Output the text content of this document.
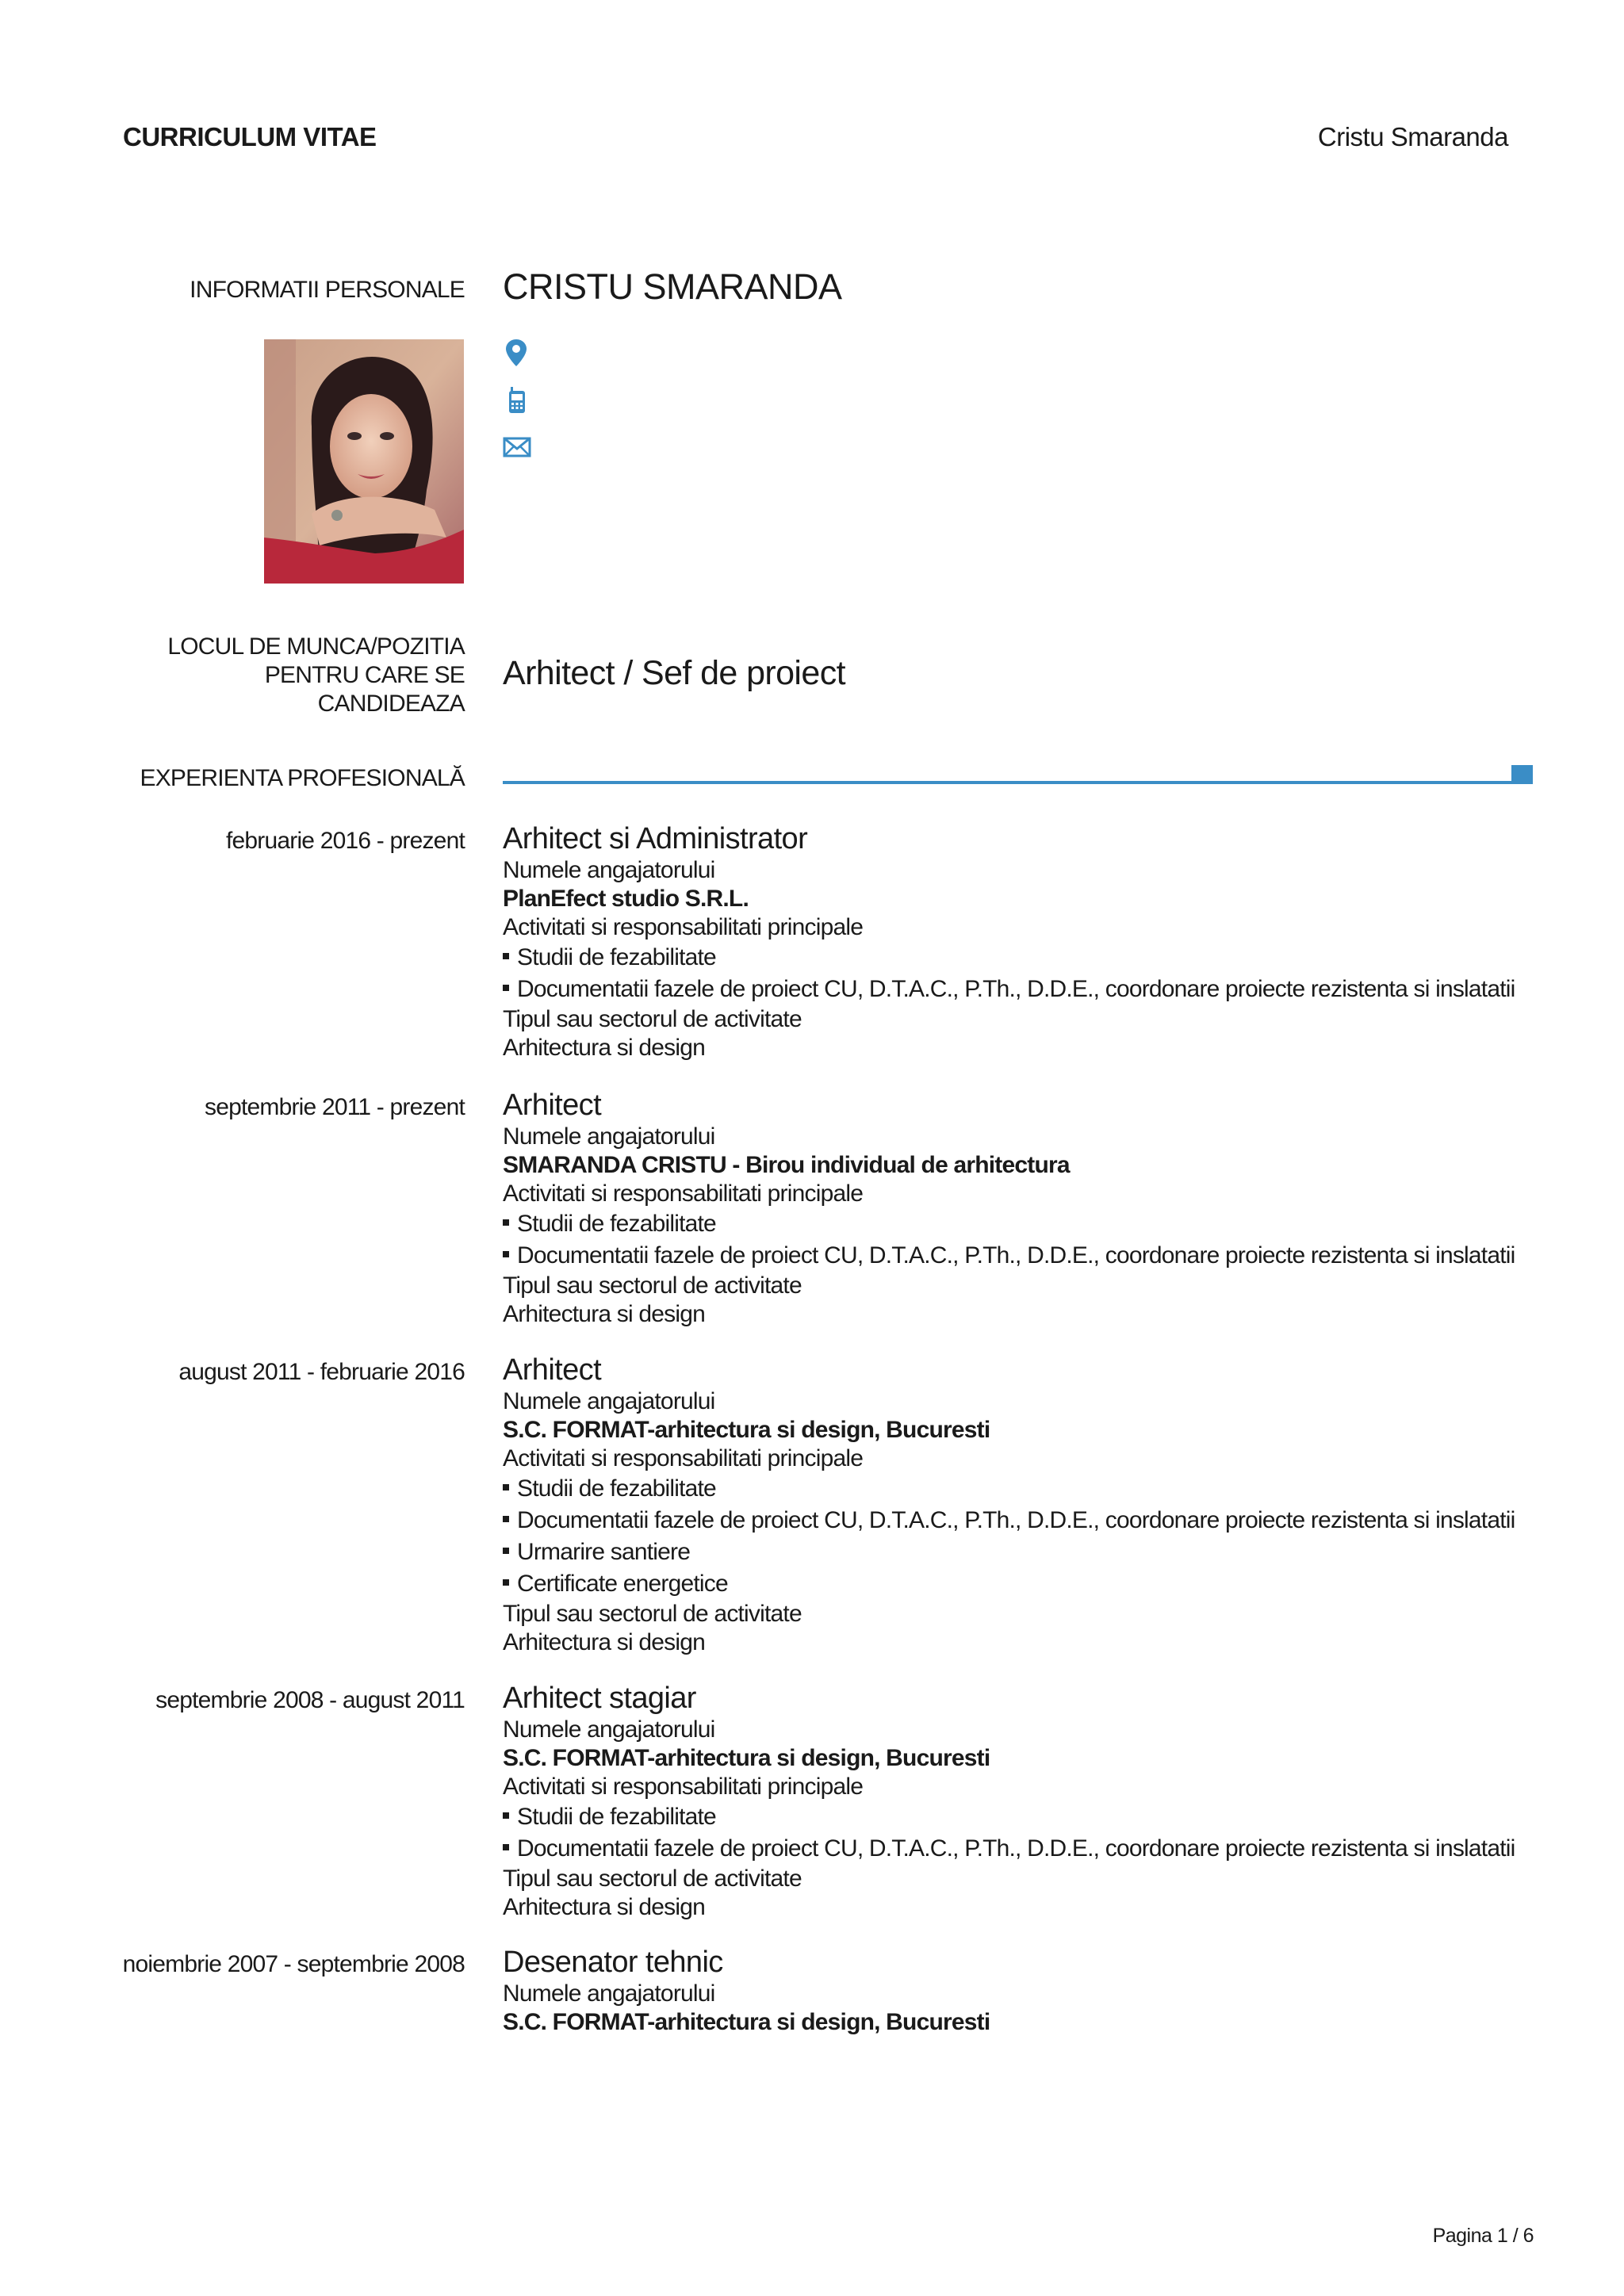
CURRICULUM VITAE	Cristu Smaranda
INFORMATII PERSONALE CRISTU SMARANDA
LOCUL DE MUNCA/POZITIA
PENTRU CARE SE
CANDIDEAZA
Arhitect / Sef de proiect
EXPERIENTA PROFESIONALĂ
februarie 2016 - prezent Arhitect si Administrator
Numele angajatorului
PlanEfect studio S.R.L.
Activitati si responsabilitati principale
Studii de fezabilitate
Documentatii fazele de proiect CU, D.T.A.C., P.Th., D.D.E., coordonare proiecte rezistenta si inslatatii
Tipul sau sectorul de activitate
Arhitectura si design
septembrie 2011 - prezent Arhitect
Numele angajatorului
SMARANDA CRISTU - Birou individual de arhitectura
Activitati si responsabilitati principale
Studii de fezabilitate
Documentatii fazele de proiect CU, D.T.A.C., P.Th., D.D.E., coordonare proiecte rezistenta si inslatatii
Tipul sau sectorul de activitate
Arhitectura si design
august 2011 - februarie 2016 Arhitect
Numele angajatorului
S.C. FORMAT-arhitectura si design, Bucuresti
Activitati si responsabilitati principale
Studii de fezabilitate
Documentatii fazele de proiect CU, D.T.A.C., P.Th., D.D.E., coordonare proiecte rezistenta si inslatatii
Urmarire santiere
Certificate energetice
Tipul sau sectorul de activitate
Arhitectura si design
septembrie 2008 - august 2011 Arhitect stagiar
Numele angajatorului
S.C. FORMAT-arhitectura si design, Bucuresti
Activitati si responsabilitati principale
Studii de fezabilitate
Documentatii fazele de proiect CU, D.T.A.C., P.Th., D.D.E., coordonare proiecte rezistenta si inslatatii
Tipul sau sectorul de activitate
Arhitectura si design
noiembrie 2007 - septembrie 2008 Desenator tehnic
Numele angajatorului
S.C. FORMAT-arhitectura si design, Bucuresti
Pagina 1 / 6
